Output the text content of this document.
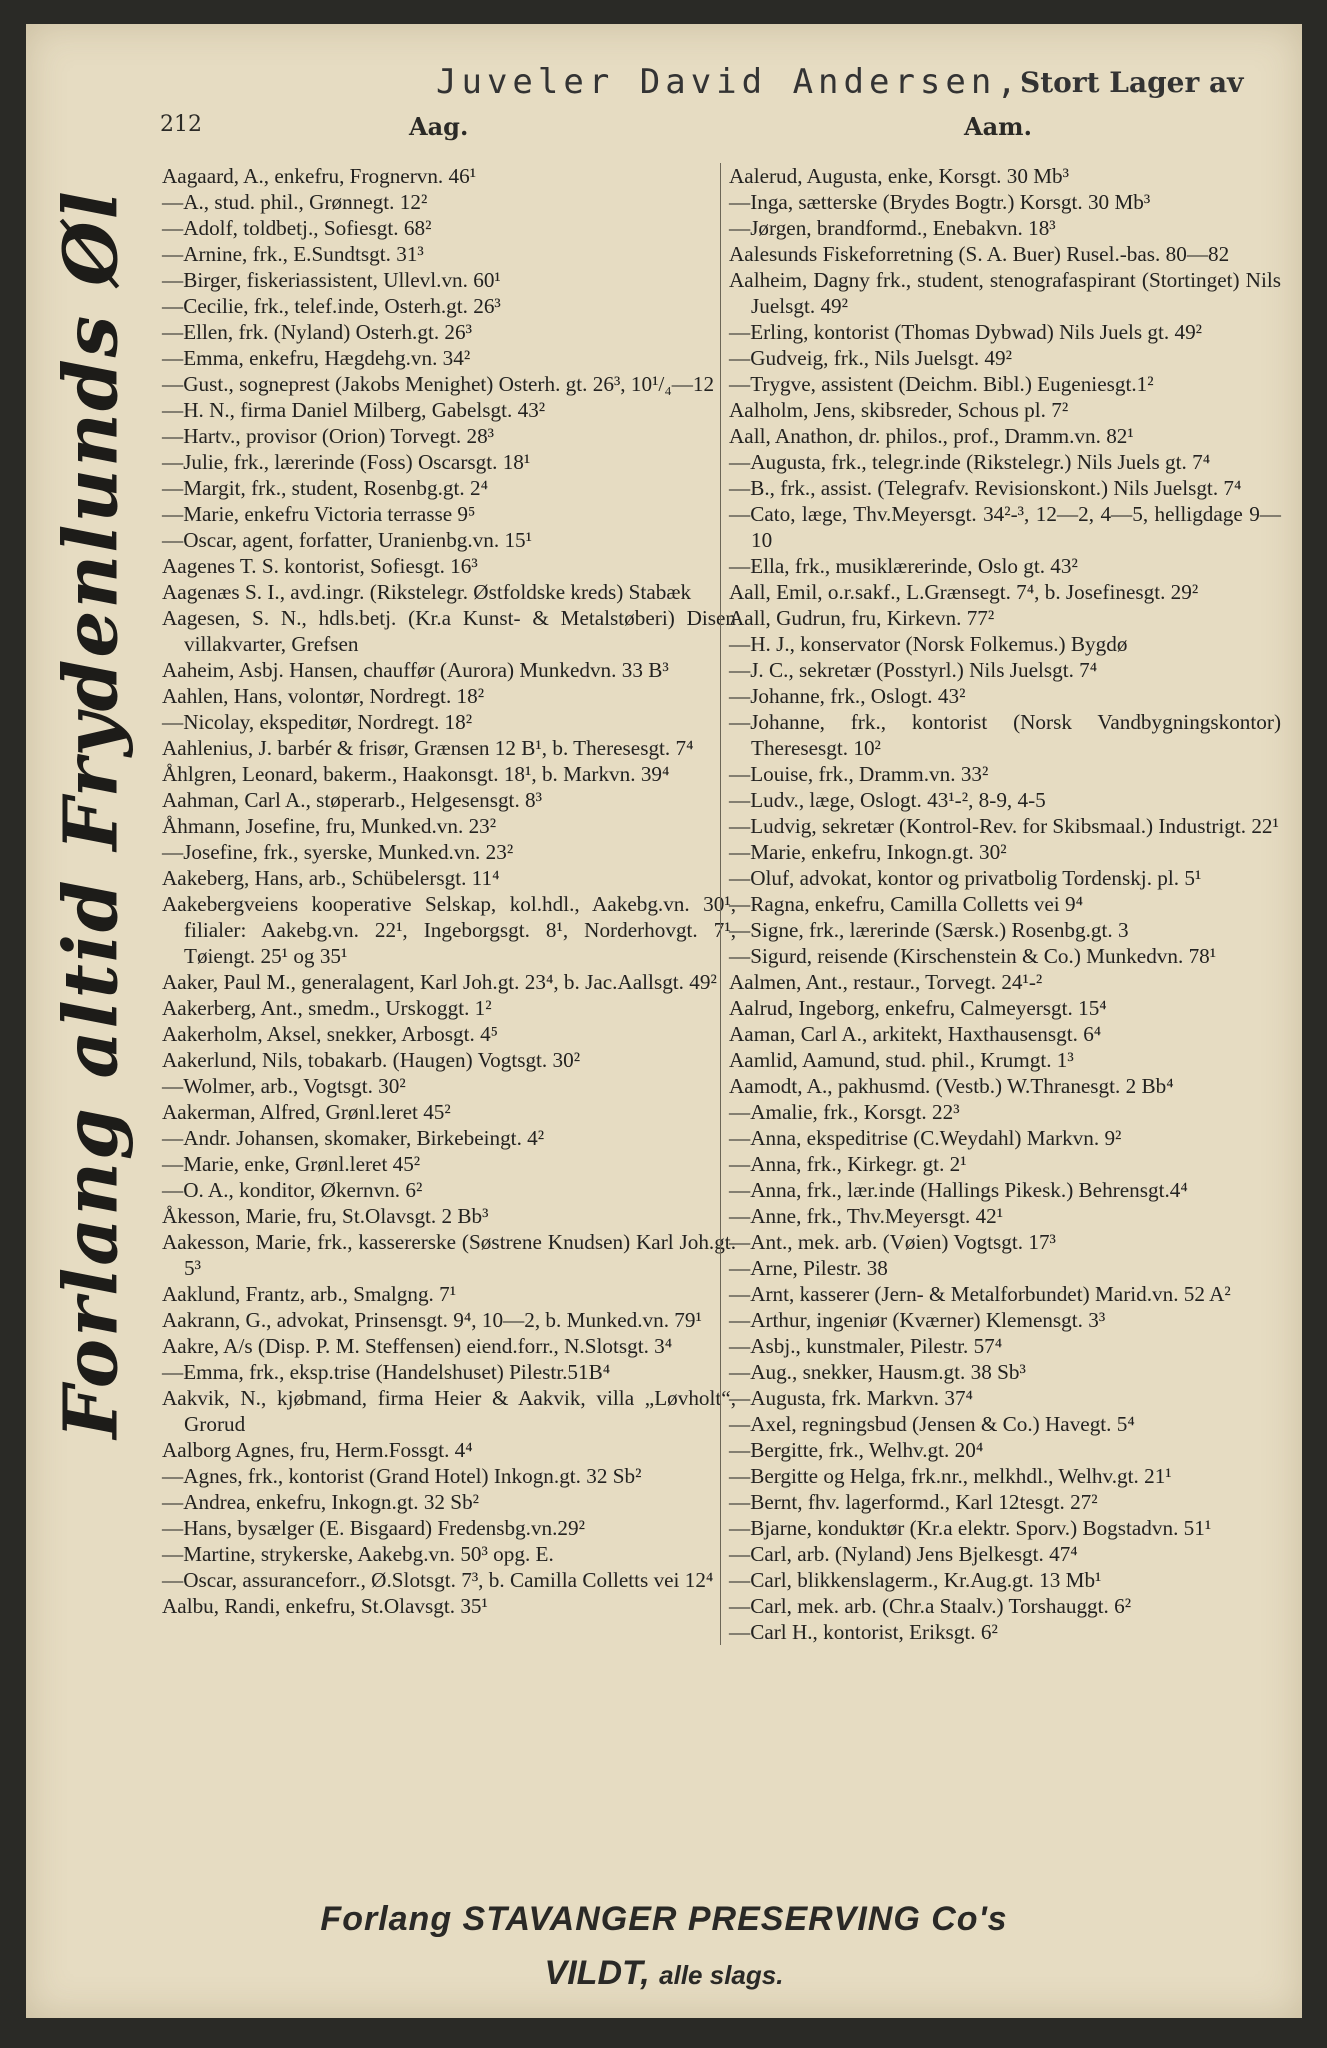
Juveler David Andersen,
Stort Lager av
212	Aag.	Aam.
Forlang altid Frydenlunds Øl
Aagaard, A., enkefru, Frognervn. 46¹
—A., stud. phil., Grønnegt. 12²
—Adolf, toldbetj., Sofiesgt. 68²
—Arnine, frk., E.Sundtsgt. 31³
—Birger, fiskeriassistent, Ullevl.vn. 60¹
—Cecilie, frk., telef.inde, Osterh.gt. 26³
—Ellen, frk. (Nyland) Osterh.gt. 26³
—Emma, enkefru, Hægdehg.vn. 34²
—Gust., sogneprest (Jakobs Menighet) Osterh. gt. 26³, 10¹/₄—12
—H. N., firma Daniel Milberg, Gabelsgt. 43²
—Hartv., provisor (Orion) Torvegt. 28³
—Julie, frk., lærerinde (Foss) Oscarsgt. 18¹
—Margit, frk., student, Rosenbg.gt. 2⁴
—Marie, enkefru Victoria terrasse 9⁵
—Oscar, agent, forfatter, Uranienbg.vn. 15¹
Aagenes T. S. kontorist, Sofiesgt. 16³
Aagenæs S. I., avd.ingr. (Rikstelegr. Østfoldske kreds) Stabæk
Aagesen, S. N., hdls.betj. (Kr.a Kunst- & Metalstøberi) Disen villakvarter, Grefsen
Aaheim, Asbj. Hansen, chauffør (Aurora) Munkedvn. 33 B³
Aahlen, Hans, volontør, Nordregt. 18²
—Nicolay, ekspeditør, Nordregt. 18²
Aahlenius, J. barbér & frisør, Grænsen 12 B¹, b. Theresesgt. 7⁴
Åhlgren, Leonard, bakerm., Haakonsgt. 18¹, b. Markvn. 39⁴
Aahman, Carl A., støperarb., Helgesensgt. 8³
Åhmann, Josefine, fru, Munked.vn. 23²
—Josefine, frk., syerske, Munked.vn. 23²
Aakeberg, Hans, arb., Schübelersgt. 11⁴
Aakebergveiens kooperative Selskap, kol.hdl., Aakebg.vn. 30¹, filialer: Aakebg.vn. 22¹, Ingeborgsgt. 8¹, Norderhovgt. 7¹, Tøiengt. 25¹ og 35¹
Aaker, Paul M., generalagent, Karl Joh.gt. 23⁴, b. Jac.Aallsgt. 49²
Aakerberg, Ant., smedm., Urskoggt. 1²
Aakerholm, Aksel, snekker, Arbosgt. 4⁵
Aakerlund, Nils, tobakarb. (Haugen) Vogtsgt. 30²
—Wolmer, arb., Vogtsgt. 30²
Aakerman, Alfred, Grønl.leret 45²
—Andr. Johansen, skomaker, Birkebeingt. 4²
—Marie, enke, Grønl.leret 45²
—O. A., konditor, Økernvn. 6²
Åkesson, Marie, fru, St.Olavsgt. 2 Bb³
Aakesson, Marie, frk., kassererske (Søstrene Knudsen) Karl Joh.gt. 5³
Aaklund, Frantz, arb., Smalgng. 7¹
Aakrann, G., advokat, Prinsensgt. 9⁴, 10—2, b. Munked.vn. 79¹
Aakre, A/s (Disp. P. M. Steffensen) eiend.forr., N.Slotsgt. 3⁴
—Emma, frk., eksp.trise (Handelshuset) Pilestr.51B⁴
Aakvik, N., kjøbmand, firma Heier & Aakvik, villa „Løvholt“, Grorud
Aalborg Agnes, fru, Herm.Fossgt. 4⁴
—Agnes, frk., kontorist (Grand Hotel) Inkogn.gt. 32 Sb²
—Andrea, enkefru, Inkogn.gt. 32 Sb²
—Hans, bysælger (E. Bisgaard) Fredensbg.vn.29²
—Martine, strykerske, Aakebg.vn. 50³ opg. E.
—Oscar, assuranceforr., Ø.Slotsgt. 7³, b. Camilla Colletts vei 12⁴
Aalbu, Randi, enkefru, St.Olavsgt. 35¹
Aalerud, Augusta, enke, Korsgt. 30 Mb³
—Inga, sætterske (Brydes Bogtr.) Korsgt. 30 Mb³
—Jørgen, brandformd., Enebakvn. 18³
Aalesunds Fiskeforretning (S. A. Buer) Rusel.-bas. 80—82
Aalheim, Dagny frk., student, stenografaspirant (Stortinget) Nils Juelsgt. 49²
—Erling, kontorist (Thomas Dybwad) Nils Juels gt. 49²
—Gudveig, frk., Nils Juelsgt. 49²
—Trygve, assistent (Deichm. Bibl.) Eugeniesgt.1²
Aalholm, Jens, skibsreder, Schous pl. 7²
Aall, Anathon, dr. philos., prof., Dramm.vn. 82¹
—Augusta, frk., telegr.inde (Rikstelegr.) Nils Juels gt. 7⁴
—B., frk., assist. (Telegrafv. Revisionskont.) Nils Juelsgt. 7⁴
—Cato, læge, Thv.Meyersgt. 34²-³, 12—2, 4—5, helligdage 9—10
—Ella, frk., musiklærerinde, Oslo gt. 43²
Aall, Emil, o.r.sakf., L.Grænsegt. 7⁴, b. Josefinesgt. 29²
Aall, Gudrun, fru, Kirkevn. 77²
—H. J., konservator (Norsk Folkemus.) Bygdø
—J. C., sekretær (Posstyrl.) Nils Juelsgt. 7⁴
—Johanne, frk., Oslogt. 43²
—Johanne, frk., kontorist (Norsk Vandbygningskontor) Theresesgt. 10²
—Louise, frk., Dramm.vn. 33²
—Ludv., læge, Oslogt. 43¹-², 8-9, 4-5
—Ludvig, sekretær (Kontrol-Rev. for Skibsmaal.) Industrigt. 22¹
—Marie, enkefru, Inkogn.gt. 30²
—Oluf, advokat, kontor og privatbolig Tordenskj. pl. 5¹
—Ragna, enkefru, Camilla Colletts vei 9⁴
—Signe, frk., lærerinde (Særsk.) Rosenbg.gt. 3
—Sigurd, reisende (Kirschenstein & Co.) Munkedvn. 78¹
Aalmen, Ant., restaur., Torvegt. 24¹-²
Aalrud, Ingeborg, enkefru, Calmeyersgt. 15⁴
Aaman, Carl A., arkitekt, Haxthausensgt. 6⁴
Aamlid, Aamund, stud. phil., Krumgt. 1³
Aamodt, A., pakhusmd. (Vestb.) W.Thranesgt. 2 Bb⁴
—Amalie, frk., Korsgt. 22³
—Anna, ekspeditrise (C.Weydahl) Markvn. 9²
—Anna, frk., Kirkegr. gt. 2¹
—Anna, frk., lær.inde (Hallings Pikesk.) Behrensgt.4⁴
—Anne, frk., Thv.Meyersgt. 42¹
—Ant., mek. arb. (Vøien) Vogtsgt. 17³
—Arne, Pilestr. 38
—Arnt, kasserer (Jern- & Metalforbundet) Marid.vn. 52 A²
—Arthur, ingeniør (Kværner) Klemensgt. 3³
—Asbj., kunstmaler, Pilestr. 57⁴
—Aug., snekker, Hausm.gt. 38 Sb³
—Augusta, frk. Markvn. 37⁴
—Axel, regningsbud (Jensen & Co.) Havegt. 5⁴
—Bergitte, frk., Welhv.gt. 20⁴
—Bergitte og Helga, frk.nr., melkhdl., Welhv.gt. 21¹
—Bernt, fhv. lagerformd., Karl 12tesgt. 27²
—Bjarne, konduktør (Kr.a elektr. Sporv.) Bogstadvn. 51¹
—Carl, arb. (Nyland) Jens Bjelkesgt. 47⁴
—Carl, blikkenslagerm., Kr.Aug.gt. 13 Mb¹
—Carl, mek. arb. (Chr.a Staalv.) Torshauggt. 6²
—Carl H., kontorist, Eriksgt. 6²
Forlang STAVANGER PRESERVING Co's
VILDT, alle slags.
